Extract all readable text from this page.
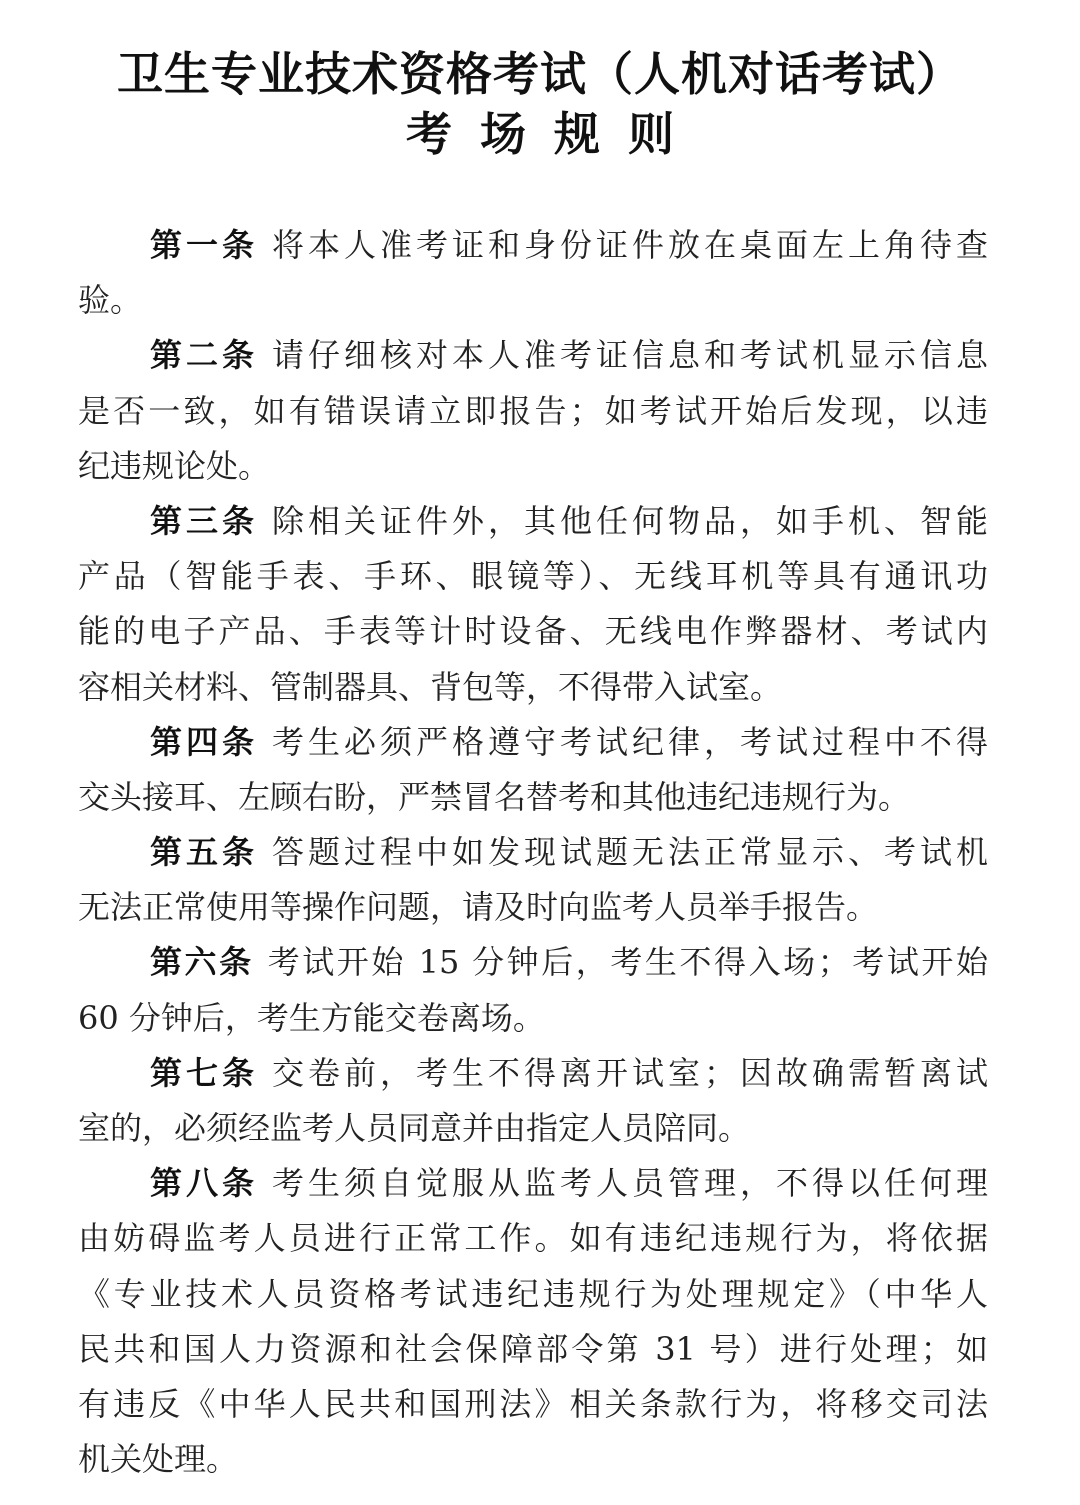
卫生专业技术资格考试（人机对话考试）
考场规则
第一条 将本人准考证和身份证件放在桌面左上角待查
验。
第二条 请仔细核对本人准考证信息和考试机显示信息
是否一致，如有错误请立即报告；如考试开始后发现，以违
纪违规论处。
第三条 除相关证件外，其他任何物品，如手机、智能
产品（智能手表、手环、眼镜等）、无线耳机等具有通讯功
能的电子产品、手表等计时设备、无线电作弊器材、考试内
容相关材料、管制器具、背包等，不得带入试室。
第四条 考生必须严格遵守考试纪律，考试过程中不得
交头接耳、左顾右盼，严禁冒名替考和其他违纪违规行为。
第五条 答题过程中如发现试题无法正常显示、考试机
无法正常使用等操作问题，请及时向监考人员举手报告。
第六条 考试开始 15 分钟后，考生不得入场；考试开始
60 分钟后，考生方能交卷离场。
第七条 交卷前，考生不得离开试室；因故确需暂离试
室的，必须经监考人员同意并由指定人员陪同。
第八条 考生须自觉服从监考人员管理，不得以任何理
由妨碍监考人员进行正常工作。如有违纪违规行为，将依据
《专业技术人员资格考试违纪违规行为处理规定》（中华人
民共和国人力资源和社会保障部令第 31 号）进行处理；如
有违反《中华人民共和国刑法》相关条款行为，将移交司法
机关处理。
